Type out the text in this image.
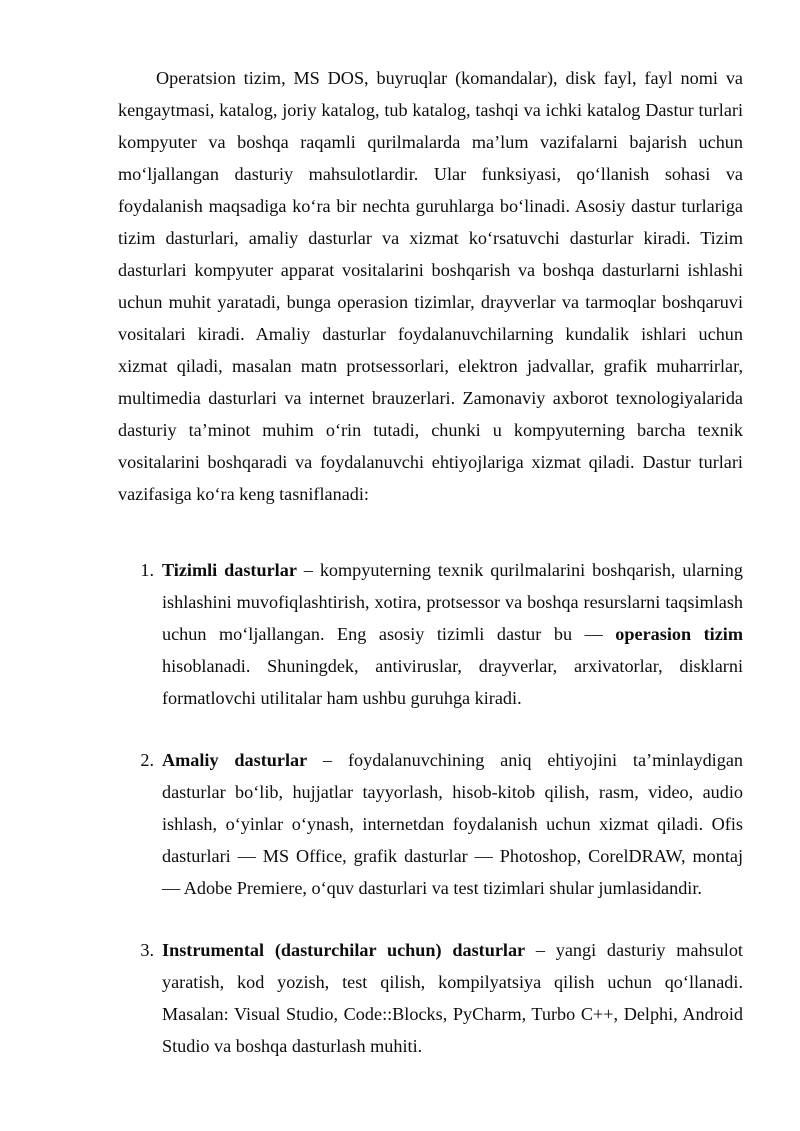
Operatsion tizim, MS DOS, buyruqlar (komandalar), disk fayl, fayl nomi va kengaytmasi, katalog, joriy katalog, tub katalog, tashqi va ichki katalog Dastur turlari kompyuter va boshqa raqamli qurilmalarda ma’lum vazifalarni bajarish uchun moʻljallangan dasturiy mahsulotlardir. Ular funksiyasi, qoʻllanish sohasi va foydalanish maqsadiga koʻra bir nechta guruhlarga boʻlinadi. Asosiy dastur turlariga tizim dasturlari, amaliy dasturlar va xizmat koʻrsatuvchi dasturlar kiradi. Tizim dasturlari kompyuter apparat vositalarini boshqarish va boshqa dasturlarni ishlashi uchun muhit yaratadi, bunga operasion tizimlar, drayverlar va tarmoqlar boshqaruvi vositalari kiradi. Amaliy dasturlar foydalanuvchilarning kundalik ishlari uchun xizmat qiladi, masalan matn protsessorlari, elektron jadvallar, grafik muharrirlar, multimedia dasturlari va internet brauzerlari. Zamonaviy axborot texnologiyalarida dasturiy ta’minot muhim oʻrin tutadi, chunki u kompyuterning barcha texnik vositalarini boshqaradi va foydalanuvchi ehtiyojlariga xizmat qiladi. Dastur turlari vazifasiga koʻra keng tasniflanadi:

1. Tizimli dasturlar – kompyuterning texnik qurilmalarini boshqarish, ularning ishlashini muvofiqlashtirish, xotira, protsessor va boshqa resurslarni taqsimlash uchun moʻljallangan. Eng asosiy tizimli dastur bu — operasion tizim hisoblanadi. Shuningdek, antiviruslar, drayverlar, arxivatorlar, disklarni formatlovchi utilitalar ham ushbu guruhga kiradi.
2. Amaliy dasturlar – foydalanuvchining aniq ehtiyojini ta’minlaydigan dasturlar boʻlib, hujjatlar tayyorlash, hisob-kitob qilish, rasm, video, audio ishlash, oʻyinlar oʻynash, internetdan foydalanish uchun xizmat qiladi. Ofis dasturlari — MS Office, grafik dasturlar — Photoshop, CorelDRAW, montaj — Adobe Premiere, oʻquv dasturlari va test tizimlari shular jumlasidandir.
3. Instrumental (dasturchilar uchun) dasturlar – yangi dasturiy mahsulot yaratish, kod yozish, test qilish, kompilyatsiya qilish uchun qoʻllanadi. Masalan: Visual Studio, Code::Blocks, PyCharm, Turbo C++, Delphi, Android Studio va boshqa dasturlash muhiti.
